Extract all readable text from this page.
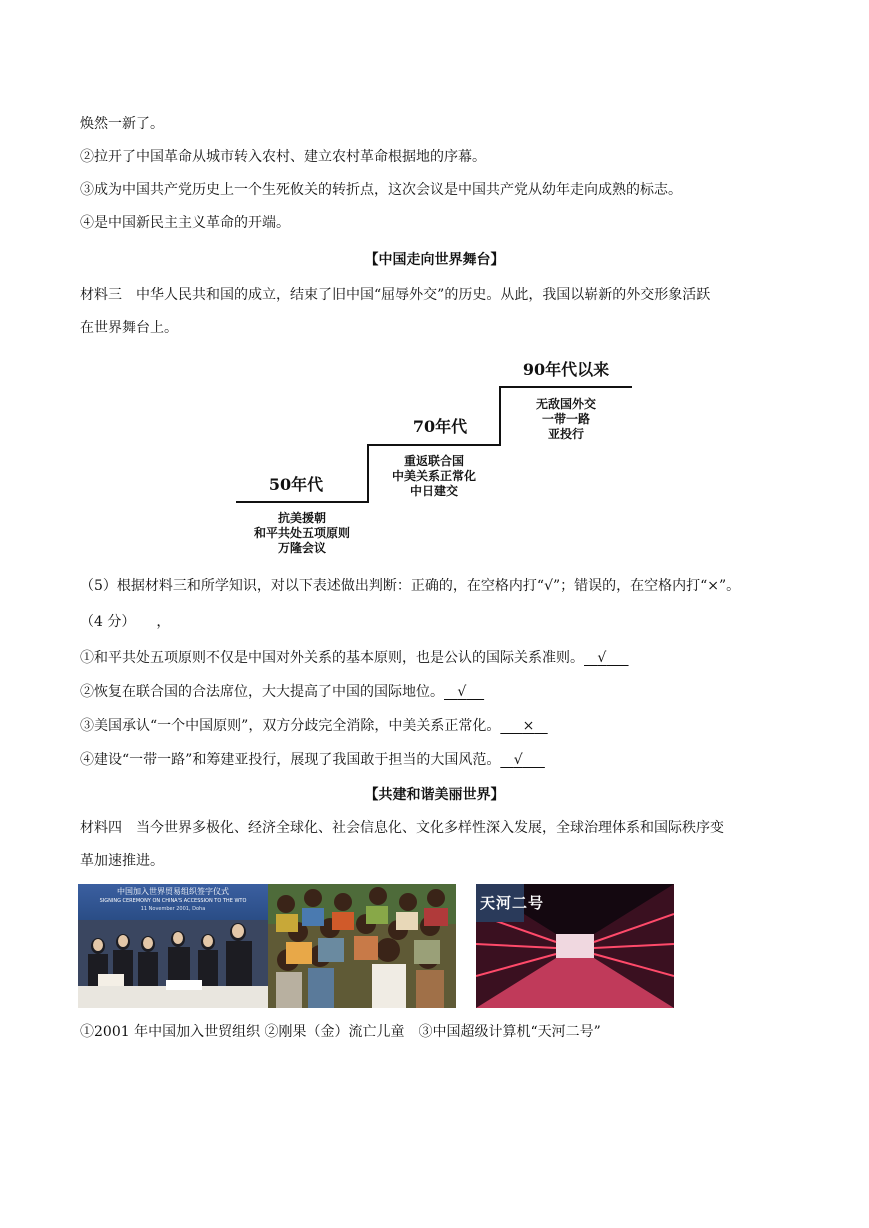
焕然一新了。
②拉开了中国革命从城市转入农村、建立农村革命根据地的序幕。
③成为中国共产党历史上一个生死攸关的转折点，这次会议是中国共产党从幼年走向成熟的标志。
④是中国新民主主义革命的开端。
【中国走向世界舞台】
材料三　中华人民共和国的成立，结束了旧中国“屈辱外交”的历史。从此，我国以崭新的外交形象活跃
在世界舞台上。
50年代
抗美援朝
和平共处五项原则
万隆会议
70年代
重返联合国
中美关系正常化
中日建交
90年代以来
无敌国外交
一带一路
亚投行
（5）根据材料三和所学知识，对以下表述做出判断：正确的，在空格内打“√”；错误的，在空格内打“×”。
（4 分）　　，
①和平共处五项原则不仅是中国对外关系的基本原则，也是公认的国际关系准则。 √
②恢复在联合国的合法席位，大大提高了中国的国际地位。 √
③美国承认“一个中国原则”，双方分歧完全消除，中美关系正常化。 ×
④建设“一带一路”和筹建亚投行，展现了我国敢于担当的大国风范。 √
【共建和谐美丽世界】
材料四　当今世界多极化、经济全球化、社会信息化、文化多样性深入发展，全球治理体系和国际秩序变
革加速推进。
中国加入世界贸易组织签字仪式
SIGNING CEREMONY ON CHINA'S ACCESSION TO THE WTO
11 November 2001, Doha	天河二号
①2001 年中国加入世贸组织 ②刚果（金）流亡儿童　③中国超级计算机“天河二号”
